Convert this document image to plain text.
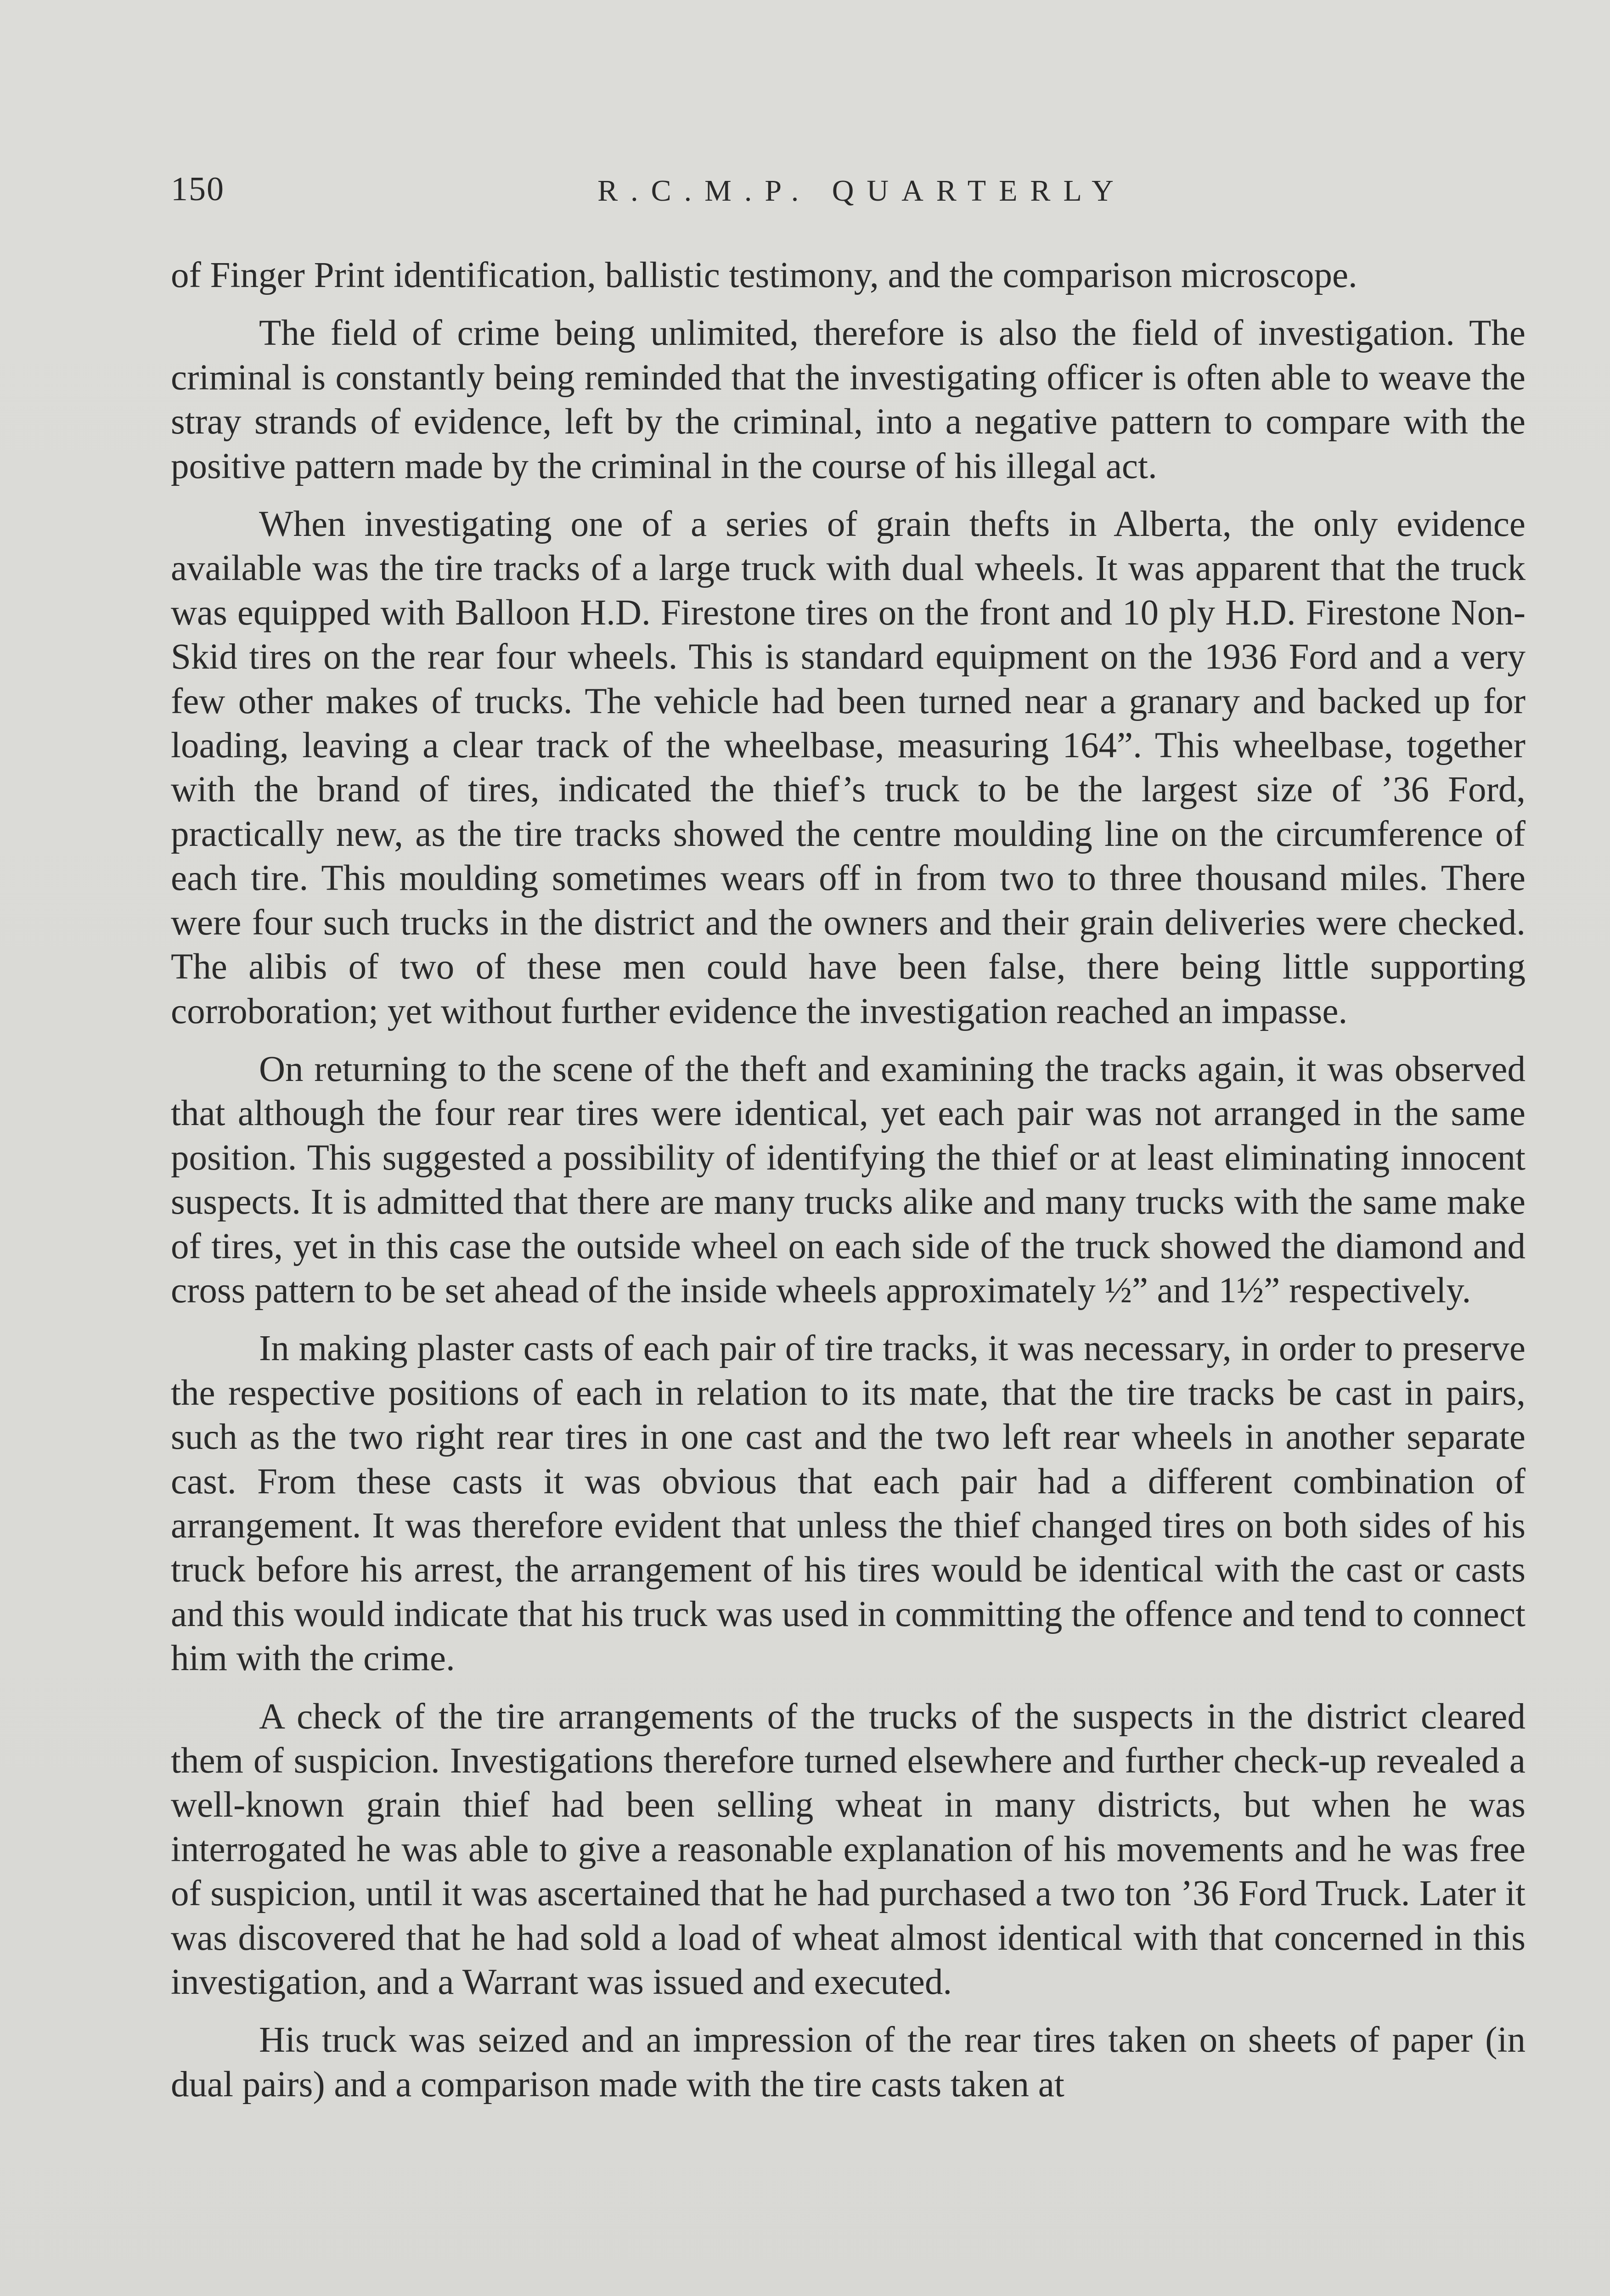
150	R.C.M.P. QUARTERLY

of Finger Print identification, ballistic testimony, and the comparison microscope.

The field of crime being unlimited, therefore is also the field of investigation. The criminal is constantly being reminded that the investigating officer is often able to weave the stray strands of evidence, left by the criminal, into a negative pattern to compare with the positive pattern made by the criminal in the course of his illegal act.

When investigating one of a series of grain thefts in Alberta, the only evidence available was the tire tracks of a large truck with dual wheels. It was apparent that the truck was equipped with Balloon H.D. Firestone tires on the front and 10 ply H.D. Firestone Non-Skid tires on the rear four wheels. This is standard equipment on the 1936 Ford and a very few other makes of trucks. The vehicle had been turned near a granary and backed up for loading, leaving a clear track of the wheelbase, measuring 164”. This wheelbase, together with the brand of tires, indicated the thief’s truck to be the largest size of ’36 Ford, practically new, as the tire tracks showed the centre moulding line on the circumference of each tire. This moulding sometimes wears off in from two to three thousand miles. There were four such trucks in the district and the owners and their grain deliveries were checked. The alibis of two of these men could have been false, there being little supporting corroboration; yet without further evidence the investigation reached an impasse.

On returning to the scene of the theft and examining the tracks again, it was observed that although the four rear tires were identical, yet each pair was not arranged in the same position. This suggested a possibility of identifying the thief or at least eliminating innocent suspects. It is admitted that there are many trucks alike and many trucks with the same make of tires, yet in this case the outside wheel on each side of the truck showed the diamond and cross pattern to be set ahead of the inside wheels approximately ½” and 1½” respectively.

In making plaster casts of each pair of tire tracks, it was necessary, in order to preserve the respective positions of each in relation to its mate, that the tire tracks be cast in pairs, such as the two right rear tires in one cast and the two left rear wheels in another separate cast. From these casts it was obvious that each pair had a different combination of arrangement. It was therefore evident that unless the thief changed tires on both sides of his truck before his arrest, the arrangement of his tires would be identical with the cast or casts and this would indicate that his truck was used in committing the offence and tend to connect him with the crime.

A check of the tire arrangements of the trucks of the suspects in the district cleared them of suspicion. Investigations therefore turned elsewhere and further check-up revealed a well-known grain thief had been selling wheat in many districts, but when he was interrogated he was able to give a reasonable explanation of his movements and he was free of suspicion, until it was ascertained that he had purchased a two ton ’36 Ford Truck. Later it was discovered that he had sold a load of wheat almost identical with that concerned in this investigation, and a Warrant was issued and executed.

His truck was seized and an impression of the rear tires taken on sheets of paper (in dual pairs) and a comparison made with the tire casts taken at
